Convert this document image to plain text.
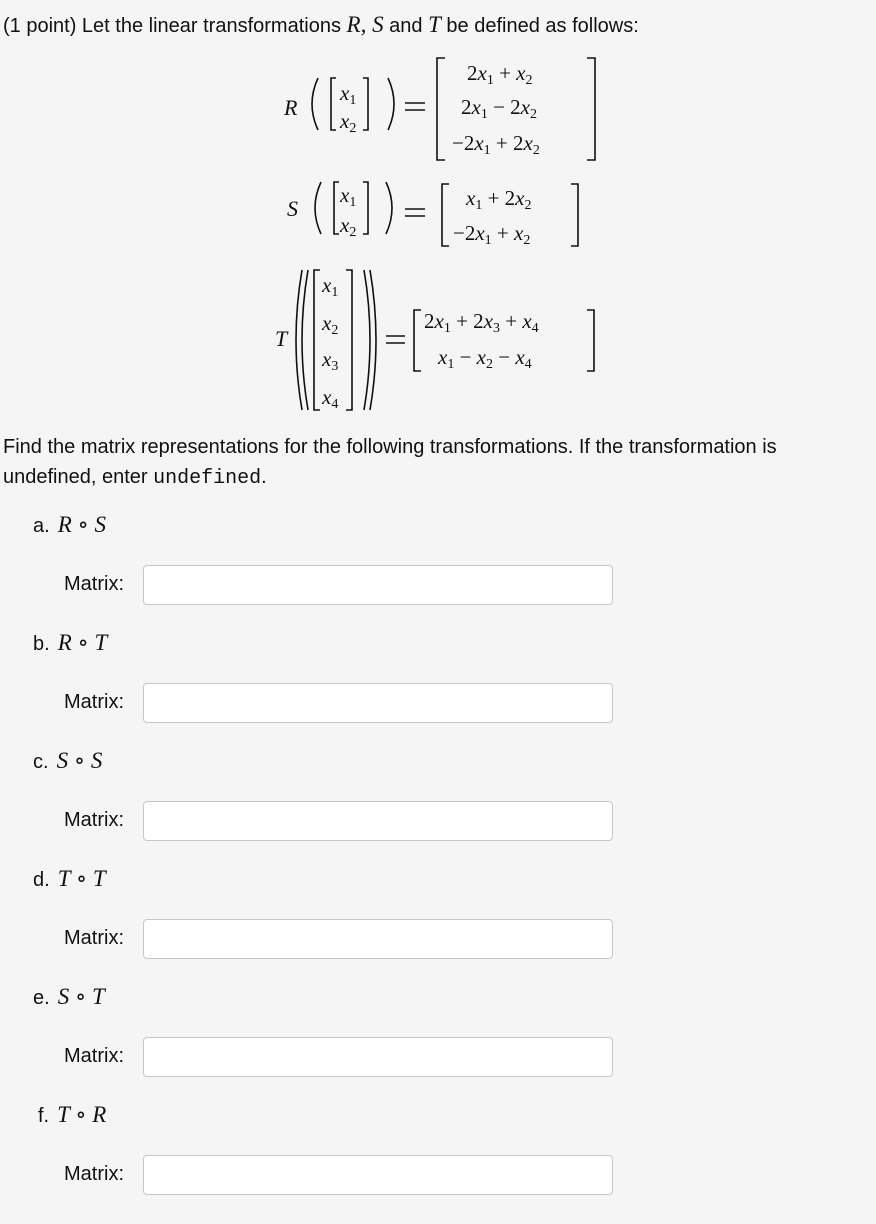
(1 point) Let the linear transformations R, S and T be defined as follows:
R
x1
x2
2x1 + x2
2x1 − 2x2
−2x1 + 2x2
S
x1
x2
x1 + 2x2
−2x1 + x2
T
x1
x2
x3
x4
2x1 + 2x3 + x4
x1 − x2 − x4
Find the matrix representations for the following transformations. If the transformation is undefined, enter undefined.
a. R ∘ S
Matrix:
b. R ∘ T
Matrix:
c. S ∘ S
Matrix:
d. T ∘ T
Matrix:
e. S ∘ T
Matrix:
f. T ∘ R
Matrix:
